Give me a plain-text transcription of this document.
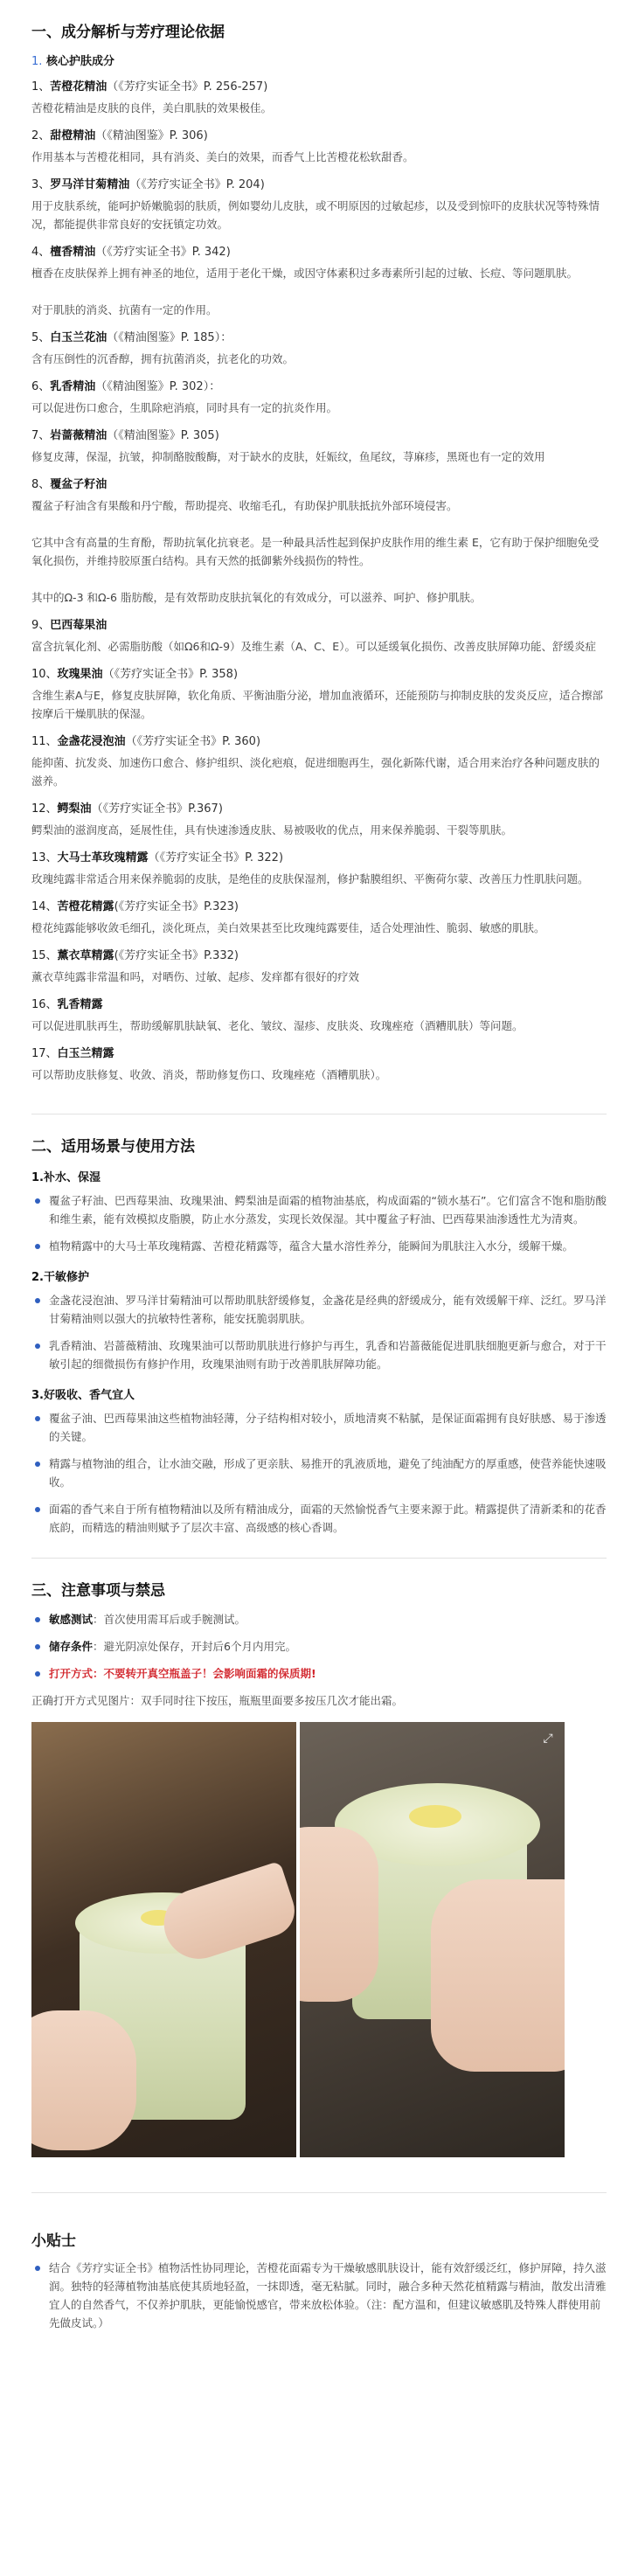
一、成分解析与芳疗理论依据
1. 核心护肤成分
1、苦橙花精油（《芳疗实证全书》P. 256-257)
苦橙花精油是皮肤的良伴，美白肌肤的效果极佳。
2、甜橙精油（《精油图鉴》P. 306)
作用基本与苦橙花相同，具有消炎、美白的效果，而香气上比苦橙花松软甜香。
3、罗马洋甘菊精油（《芳疗实证全书》P. 204)
用于皮肤系统，能呵护娇嫩脆弱的肤质，例如婴幼儿皮肤，或不明原因的过敏起疹，以及受到惊吓的皮肤状况等特殊情况，都能提供非常良好的安抚镇定功效。
4、檀香精油（《芳疗实证全书》P. 342)
檀香在皮肤保养上拥有神圣的地位，适用于老化干燥，或因守体素积过多毒素所引起的过敏、长痘、等问题肌肤。

对于肌肤的消炎、抗菌有一定的作用。
5、白玉兰花油（《精油图鉴》P. 185）：
含有压倒性的沉香醇，拥有抗菌消炎，抗老化的功效。
6、乳香精油（《精油图鉴》P. 302）：
可以促进伤口愈合，生肌除疤消痕，同时具有一定的抗炎作用。
7、岩蔷薇精油（《精油图鉴》P. 305)
修复皮薄，保湿，抗皱，抑制酪胺酸酶，对于缺水的皮肤，妊娠纹，鱼尾纹，荨麻疹，黑斑也有一定的效用
8、覆盆子籽油
覆盆子籽油含有果酸和丹宁酸，帮助提亮、收缩毛孔，有助保护肌肤抵抗外部环境侵害。

它其中含有高量的生育酚，帮助抗氧化抗衰老。是一种最具活性起到保护皮肤作用的维生素 E，它有助于保护细胞免受氧化损伤，并维持胶原蛋白结构。具有天然的抵御紫外线损伤的特性。

其中的Ω-3 和Ω-6 脂肪酸，是有效帮助皮肤抗氧化的有效成分，可以滋养、呵护、修护肌肤。
9、巴西莓果油
富含抗氧化剂、必需脂肪酸（如Ω6和Ω-9）及维生素（A、C、E）。可以延缓氧化损伤、改善皮肤屏障功能、舒缓炎症
10、玫瑰果油（《芳疗实证全书》P. 358)
含维生素A与E，修复皮肤屏障，软化角质、平衡油脂分泌，增加血液循环，还能预防与抑制皮肤的发炎反应，适合擦部按摩后干燥肌肤的保湿。
11、金盏花浸泡油（《芳疗实证全书》P. 360)
能抑菌、抗发炎、加速伤口愈合、修护组织、淡化疤痕，促进细胞再生，强化新陈代谢，适合用来治疗各种问题皮肤的滋养。
12、鳄梨油（《芳疗实证全书》P.367)
鳄梨油的滋润度高，延展性佳，具有快速渗透皮肤、易被吸收的优点，用来保养脆弱、干裂等肌肤。
13、大马士革玫瑰精露（《芳疗实证全书》P. 322)
玫瑰纯露非常适合用来保养脆弱的皮肤，是绝佳的皮肤保湿剂，修护黏膜组织、平衡荷尔蒙、改善压力性肌肤问题。
14、苦橙花精露(《芳疗实证全书》P.323)
橙花纯露能够收敛毛细孔，淡化斑点，美白效果甚至比玫瑰纯露要佳，适合处理油性、脆弱、敏感的肌肤。
15、薰衣草精露(《芳疗实证全书》P.332)
薰衣草纯露非常温和吗，对晒伤、过敏、起疹、发痒都有很好的疗效
16、乳香精露
可以促进肌肤再生，帮助缓解肌肤缺氧、老化、皱纹、湿疹、皮肤炎、玫瑰痤疮（酒糟肌肤）等问题。
17、白玉兰精露
可以帮助皮肤修复、收敛、消炎，帮助修复伤口、玫瑰痤疮（酒糟肌肤）。
二、适用场景与使用方法
1.补水、保湿
覆盆子籽油、巴西莓果油、玫瑰果油、鳄梨油是面霜的植物油基底，构成面霜的“锁水基石”。它们富含不饱和脂肪酸和维生素，能有效模拟皮脂膜，防止水分蒸发，实现长效保湿。其中覆盆子籽油、巴西莓果油渗透性尤为清爽。
植物精露中的大马士革玫瑰精露、苦橙花精露等，蕴含大量水溶性养分，能瞬间为肌肤注入水分，缓解干燥。
2.干敏修护
金盏花浸泡油、罗马洋甘菊精油可以帮助肌肤舒缓修复，金盏花是经典的舒缓成分，能有效缓解干痒、泛红。罗马洋甘菊精油则以强大的抗敏特性著称，能安抚脆弱肌肤。
乳香精油、岩蔷薇精油、玫瑰果油可以帮助肌肤进行修护与再生，乳香和岩蔷薇能促进肌肤细胞更新与愈合，对于干敏引起的细微损伤有修护作用，玫瑰果油则有助于改善肌肤屏障功能。
3.好吸收、香气宜人
覆盆子油、巴西莓果油这些植物油轻薄，分子结构相对较小，质地清爽不粘腻，是保证面霜拥有良好肤感、易于渗透的关键。
精露与植物油的组合，让水油交融，形成了更亲肤、易推开的乳液质地，避免了纯油配方的厚重感，使营养能快速吸收。
面霜的香气来自于所有植物精油以及所有精油成分，面霜的天然愉悦香气主要来源于此。精露提供了清新柔和的花香底韵，而精选的精油则赋予了层次丰富、高级感的核心香调。
三、注意事项与禁忌
敏感测试：首次使用需耳后或手腕测试。
储存条件：避光阴凉处保存，开封后6个月内用完。
打开方式：不要转开真空瓶盖子！会影响面霜的保质期!
正确打开方式见图片：双手同时往下按压，瓶瓶里面要多按压几次才能出霜。
⤢
小贴士
结合《芳疗实证全书》植物活性协同理论，苦橙花面霜专为干燥敏感肌肤设计，能有效舒缓泛红，修护屏障，持久滋润。独特的轻薄植物油基底使其质地轻盈，一抹即透，毫无粘腻。同时，融合多种天然花植精露与精油，散发出清雅宜人的自然香气，不仅养护肌肤，更能愉悦感官，带来放松体验。（注：配方温和，但建议敏感肌及特殊人群使用前先做皮试。）
